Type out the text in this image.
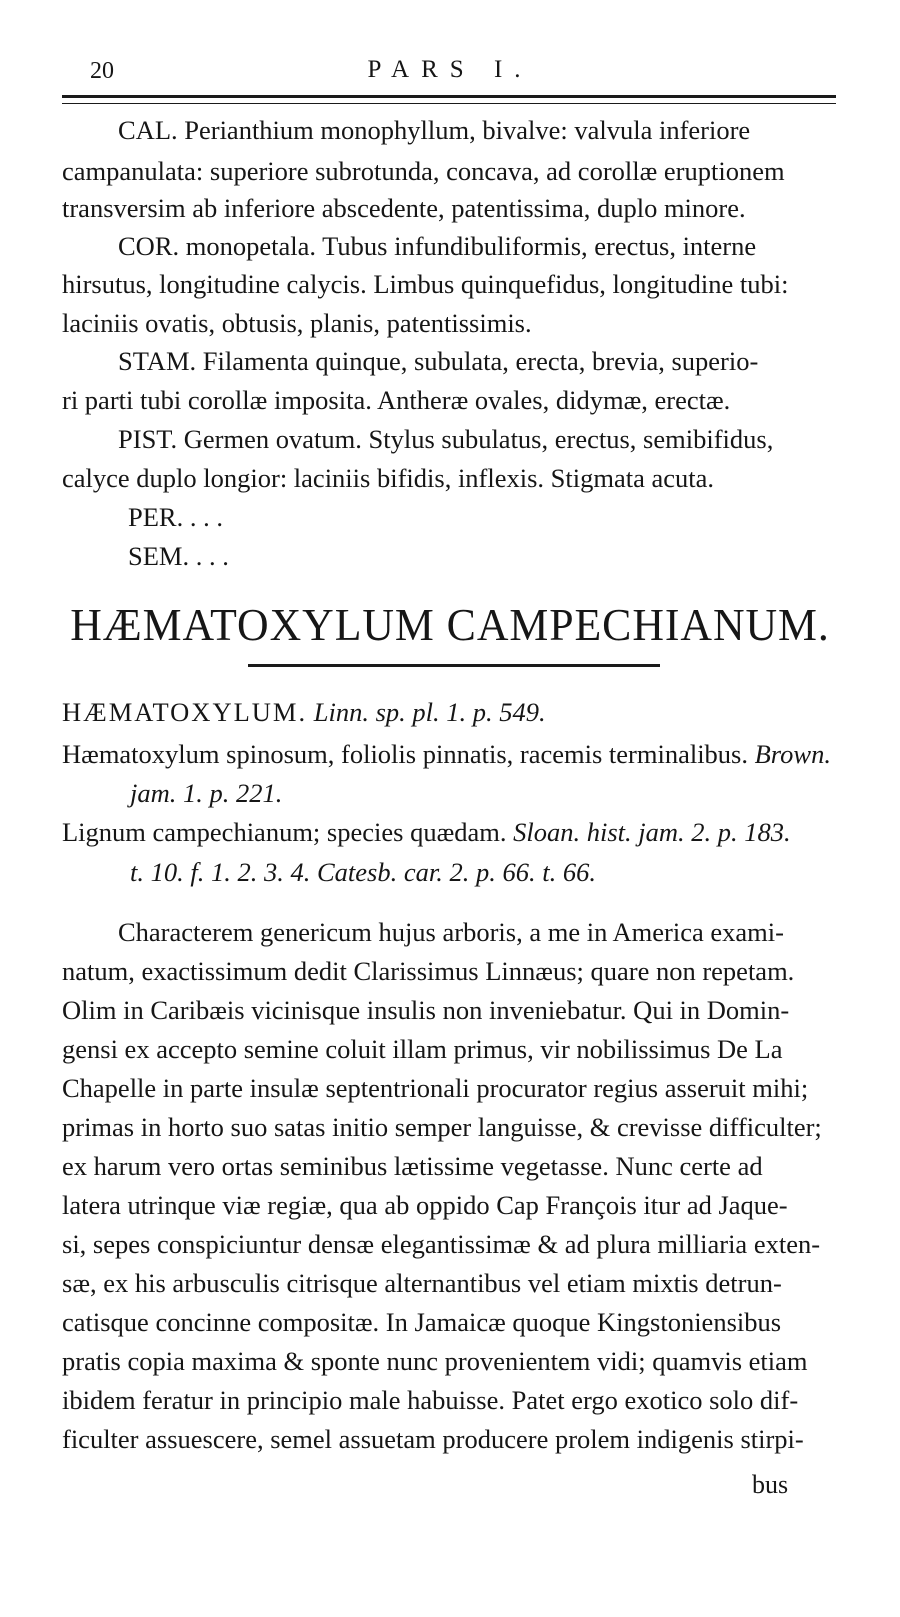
20	PARS I.
CAL. Perianthium monophyllum, bivalve: valvula inferiore
campanulata: superiore subrotunda, concava, ad corollæ eruptionem
transversim ab inferiore abscedente, patentissima, duplo minore.
COR. monopetala. Tubus infundibuliformis, erectus, interne
hirsutus, longitudine calycis. Limbus quinquefidus, longitudine tubi:
laciniis ovatis, obtusis, planis, patentissimis.
STAM. Filamenta quinque, subulata, erecta, brevia, superio-
ri parti tubi corollæ imposita. Antheræ ovales, didymæ, erectæ.
PIST. Germen ovatum. Stylus subulatus, erectus, semibifidus,
calyce duplo longior: laciniis bifidis, inflexis. Stigmata acuta.
PER. . . .
SEM. . . .
HÆMATOXYLUM CAMPECHIANUM.
HÆMATOXYLUM. Linn. sp. pl. 1. p. 549.
Hæmatoxylum spinosum, foliolis pinnatis, racemis terminalibus. Brown.
jam. 1. p. 221.
Lignum campechianum; species quædam. Sloan. hist. jam. 2. p. 183.
t. 10. f. 1. 2. 3. 4. Catesb. car. 2. p. 66. t. 66.
Characterem genericum hujus arboris, a me in America exami-
natum, exactissimum dedit Clarissimus Linnæus; quare non repetam.
Olim in Caribæis vicinisque insulis non inveniebatur. Qui in Domin-
gensi ex accepto semine coluit illam primus, vir nobilissimus De La
Chapelle in parte insulæ septentrionali procurator regius asseruit mihi;
primas in horto suo satas initio semper languisse, & crevisse difficulter;
ex harum vero ortas seminibus lætissime vegetasse. Nunc certe ad
latera utrinque viæ regiæ, qua ab oppido Cap François itur ad Jaque-
si, sepes conspiciuntur densæ elegantissimæ & ad plura milliaria exten-
sæ, ex his arbusculis citrisque alternantibus vel etiam mixtis detrun-
catisque concinne compositæ. In Jamaicæ quoque Kingstoniensibus
pratis copia maxima & sponte nunc provenientem vidi; quamvis etiam
ibidem feratur in principio male habuisse. Patet ergo exotico solo dif-
ficulter assuescere, semel assuetam producere prolem indigenis stirpi-
bus
